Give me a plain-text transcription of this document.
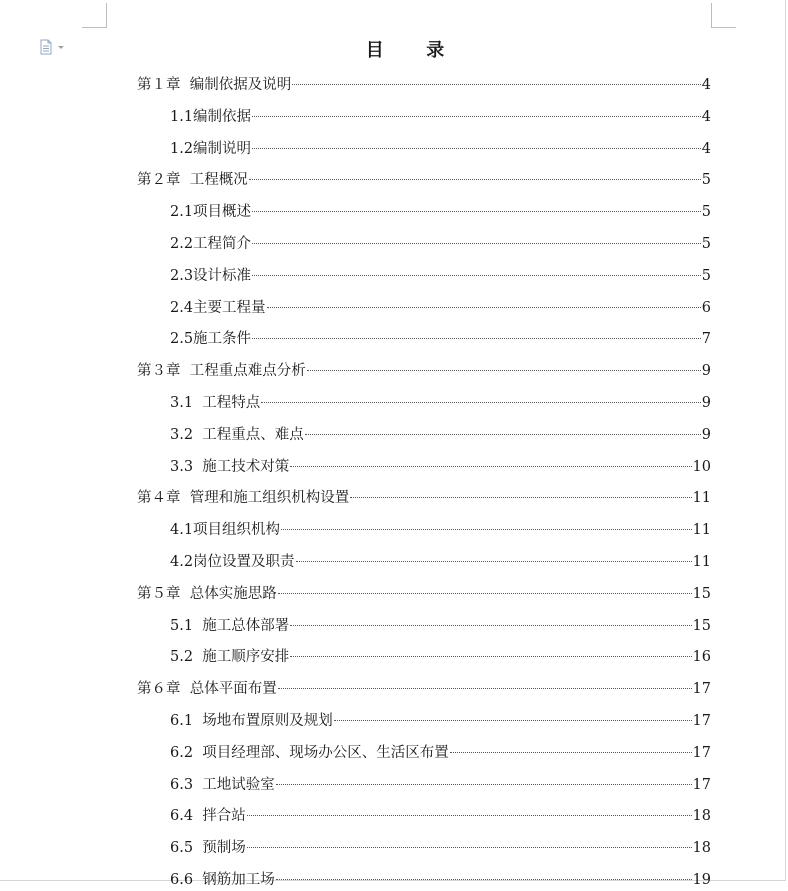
目  录
第１章  编制依据及说明	4
1.1编制依据	4
1.2编制说明	4
第２章  工程概况	5
2.1项目概述	5
2.2工程简介	5
2.3设计标准	5
2.4主要工程量	6
2.5施工条件	7
第３章  工程重点难点分析	9
3.1  工程特点	9
3.2  工程重点、难点	9
3.3  施工技术对策	10
第４章  管理和施工组织机构设置	11
4.1项目组织机构	11
4.2岗位设置及职责	11
第５章  总体实施思路	15
5.1  施工总体部署	15
5.2  施工顺序安排	16
第６章  总体平面布置	17
6.1  场地布置原则及规划	17
6.2  项目经理部、现场办公区、生活区布置	17
6.3  工地试验室	17
6.4  拌合站	18
6.5  预制场	18
6.6  钢筋加工场	19
